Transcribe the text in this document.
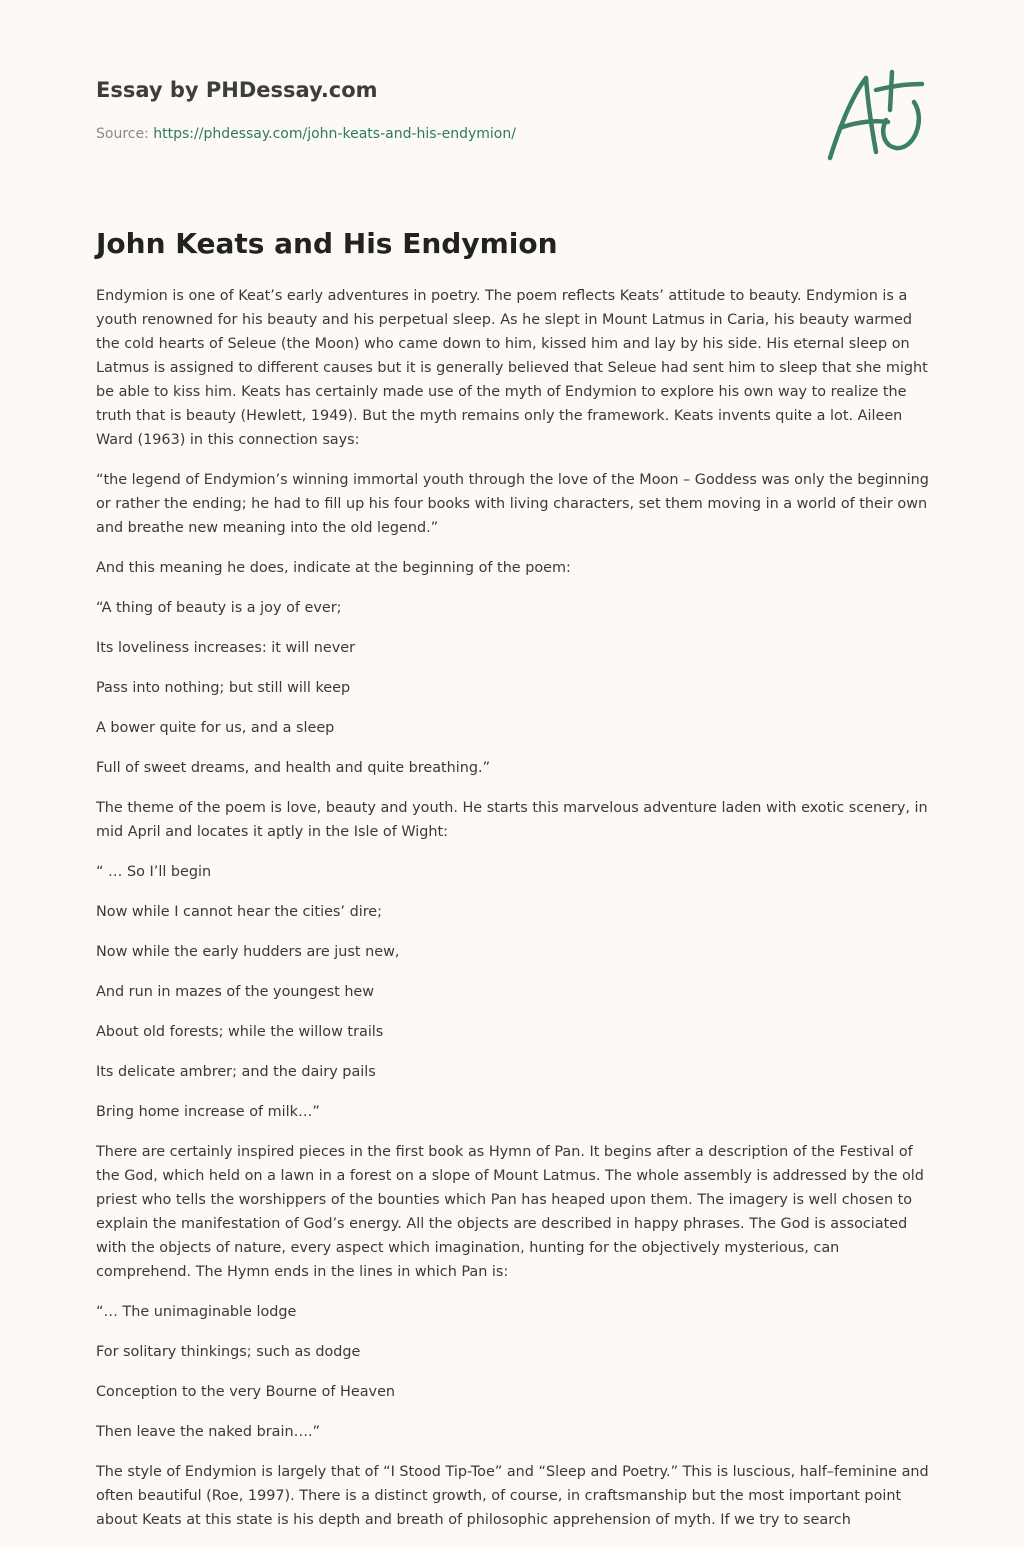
Essay by PHDessay.com

Source: https://phdessay.com/john-keats-and-his-endymion/
John Keats and His Endymion

Endymion is one of Keat’s early adventures in poetry. The poem reflects Keats’ attitude to beauty. Endymion is a youth renowned for his beauty and his perpetual sleep. As he slept in Mount Latmus in Caria, his beauty warmed the cold hearts of Seleue (the Moon) who came down to him, kissed him and lay by his side. His eternal sleep on Latmus is assigned to different causes but it is generally believed that Seleue had sent him to sleep that she might be able to kiss him. Keats has certainly made use of the myth of Endymion to explore his own way to realize the truth that is beauty (Hewlett, 1949). But the myth remains only the framework. Keats invents quite a lot. Aileen Ward (1963) in this connection says:

“the legend of Endymion’s winning immortal youth through the love of the Moon – Goddess was only the beginning or rather the ending; he had to fill up his four books with living characters, set them moving in a world of their own and breathe new meaning into the old legend.”

And this meaning he does, indicate at the beginning of the poem:

“A thing of beauty is a joy of ever;

Its loveliness increases: it will never

Pass into nothing; but still will keep

A bower quite for us, and a sleep

Full of sweet dreams, and health and quite breathing.”

The theme of the poem is love, beauty and youth. He starts this marvelous adventure laden with exotic scenery, in mid April and locates it aptly in the Isle of Wight:

“ … So I’ll begin

Now while I cannot hear the cities’ dire;

Now while the early hudders are just new,

And run in mazes of the youngest hew

About old forests; while the willow trails

Its delicate ambrer; and the dairy pails

Bring home increase of milk…”

There are certainly inspired pieces in the first book as Hymn of Pan. It begins after a description of the Festival of the God, which held on a lawn in a forest on a slope of Mount Latmus. The whole assembly is addressed by the old priest who tells the worshippers of the bounties which Pan has heaped upon them. The imagery is well chosen to explain the manifestation of God’s energy. All the objects are described in happy phrases. The God is associated with the objects of nature, every aspect which imagination, hunting for the objectively mysterious, can comprehend. The Hymn ends in the lines in which Pan is:

“… The unimaginable lodge

For solitary thinkings; such as dodge

Conception to the very Bourne of Heaven

Then leave the naked brain….”

The style of Endymion is largely that of “I Stood Tip-Toe” and “Sleep and Poetry.” This is luscious, half–feminine and often beautiful (Roe, 1997). There is a distinct growth, of course, in craftsmanship but the most important point about Keats at this state is his depth and breath of philosophic apprehension of myth. If we try to search
